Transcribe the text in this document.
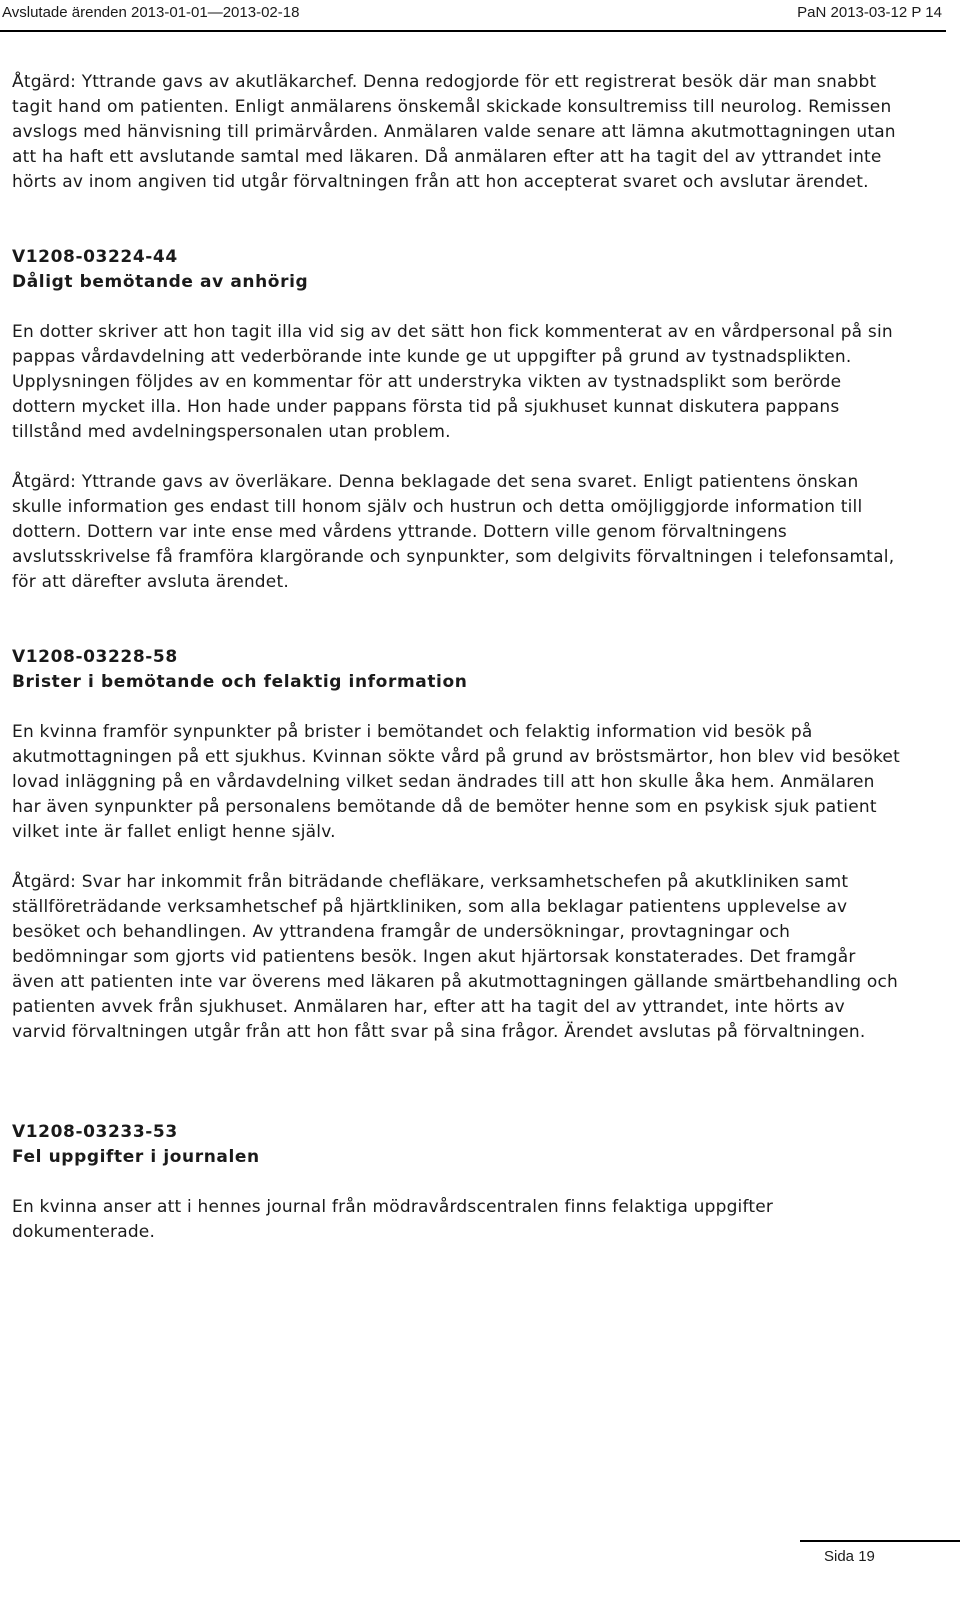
Avslutade ärenden 2013-01-01—2013-02-18	PaN 2013-03-12 P 14

Åtgärd: Yttrande gavs av akutläkarchef. Denna redogjorde för ett registrerat besök där man snabbt tagit hand om patienten. Enligt anmälarens önskemål skickade konsultremiss till neurolog. Remissen avslogs med hänvisning till primärvården. Anmälaren valde senare att lämna akutmottagningen utan att ha haft ett avslutande samtal med läkaren. Då anmälaren efter att ha tagit del av yttrandet inte hörts av inom angiven tid utgår förvaltningen från att hon accepterat svaret och avslutar ärendet.

V1208-03224-44

Dåligt bemötande av anhörig

En dotter skriver att hon tagit illa vid sig av det sätt hon fick kommenterat av en vårdpersonal på sin pappas vårdavdelning att vederbörande inte kunde ge ut uppgifter på grund av tystnadsplikten. Upplysningen följdes av en kommentar för att understryka vikten av tystnadsplikt som berörde dottern mycket illa. Hon hade under pappans första tid på sjukhuset kunnat diskutera pappans tillstånd med avdelningspersonalen utan problem.

Åtgärd: Yttrande gavs av överläkare. Denna beklagade det sena svaret. Enligt patientens önskan skulle information ges endast till honom själv och hustrun och detta omöjliggjorde information till dottern. Dottern var inte ense med vårdens yttrande. Dottern ville genom förvaltningens avslutsskrivelse få framföra klargörande och synpunkter, som delgivits förvaltningen i telefonsamtal, för att därefter avsluta ärendet.

V1208-03228-58

Brister i bemötande och felaktig information

En kvinna framför synpunkter på brister i bemötandet och felaktig information vid besök på akutmottagningen på ett sjukhus. Kvinnan sökte vård på grund av bröstsmärtor, hon blev vid besöket lovad inläggning på en vårdavdelning vilket sedan ändrades till att hon skulle åka hem. Anmälaren har även synpunkter på personalens bemötande då de bemöter henne som en psykisk sjuk patient vilket inte är fallet enligt henne själv.

Åtgärd: Svar har inkommit från biträdande chefläkare, verksamhetschefen på akutkliniken samt ställföreträdande verksamhetschef på hjärtkliniken, som alla beklagar patientens upplevelse av besöket och behandlingen. Av yttrandena framgår de undersökningar, provtagningar och bedömningar som gjorts vid patientens besök. Ingen akut hjärtorsak konstaterades. Det framgår även att patienten inte var överens med läkaren på akutmottagningen gällande smärtbehandling och patienten avvek från sjukhuset. Anmälaren har, efter att ha tagit del av yttrandet, inte hörts av varvid förvaltningen utgår från att hon fått svar på sina frågor. Ärendet avslutas på förvaltningen.

V1208-03233-53

Fel uppgifter i journalen

En kvinna anser att i hennes journal från mödravårdscentralen finns felaktiga uppgifter dokumenterade.

Sida 19
